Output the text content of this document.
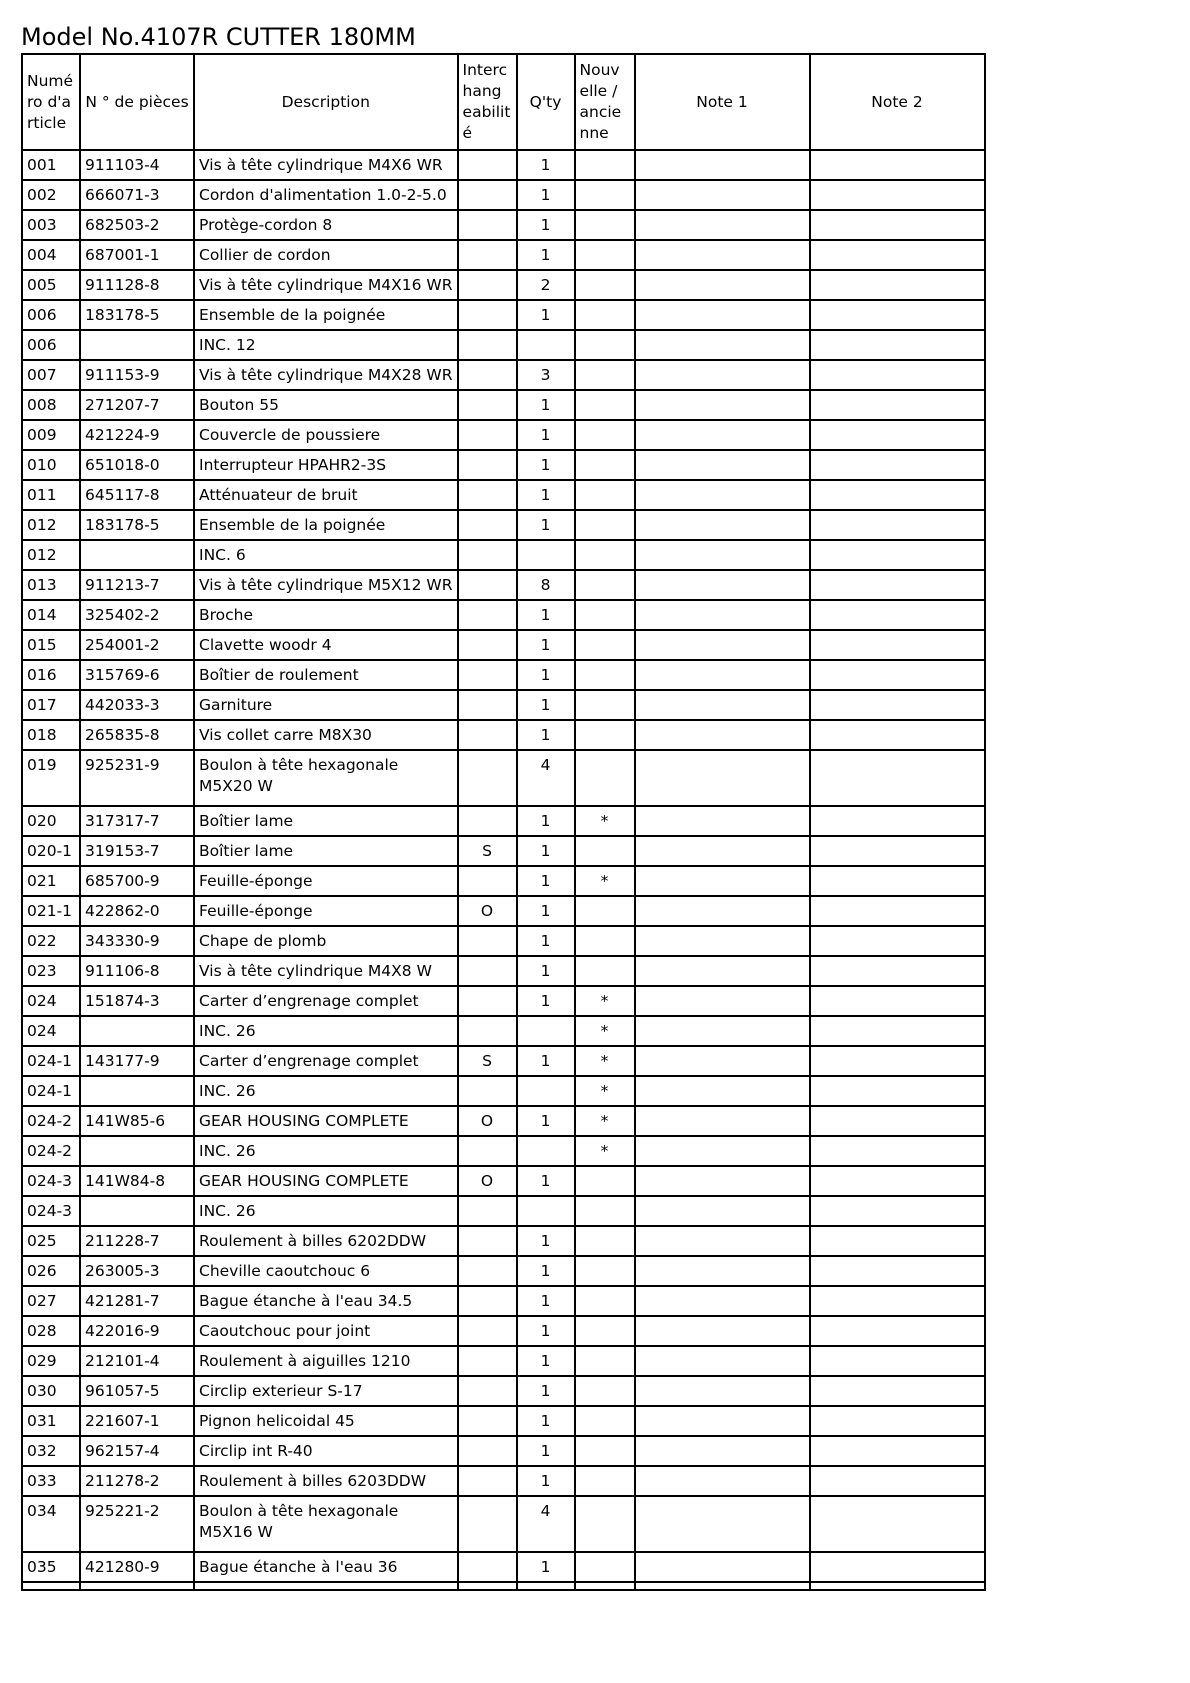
Model No.4107R CUTTER 180MM
Numé
ro d'a
rticle	N ° de pièces	Description	Interc
hang
eabilit
é	Q'ty	Nouv
elle /
ancie
nne	Note 1	Note 2
001	911103-4	Vis à tête cylindrique M4X6 WR		1			
002	666071-3	Cordon d'alimentation 1.0-2-5.0		1			
003	682503-2	Protège-cordon 8		1			
004	687001-1	Collier de cordon		1			
005	911128-8	Vis à tête cylindrique M4X16 WR		2			
006	183178-5	Ensemble de la poignée		1			
006		INC. 12					
007	911153-9	Vis à tête cylindrique M4X28 WR		3			
008	271207-7	Bouton 55		1			
009	421224-9	Couvercle de poussiere		1			
010	651018-0	Interrupteur HPAHR2-3S		1			
011	645117-8	Atténuateur de bruit		1			
012	183178-5	Ensemble de la poignée		1			
012		INC. 6					
013	911213-7	Vis à tête cylindrique M5X12 WR		8			
014	325402-2	Broche		1			
015	254001-2	Clavette woodr 4		1			
016	315769-6	Boîtier de roulement		1			
017	442033-3	Garniture		1			
018	265835-8	Vis collet carre M8X30		1			
019	925231-9	Boulon à tête hexagonale M5X20 W		4			
020	317317-7	Boîtier lame		1	*		
020-1	319153-7	Boîtier lame	S	1			
021	685700-9	Feuille-éponge		1	*		
021-1	422862-0	Feuille-éponge	O	1			
022	343330-9	Chape de plomb		1			
023	911106-8	Vis à tête cylindrique M4X8 W		1			
024	151874-3	Carter d’engrenage complet		1	*		
024		INC. 26			*		
024-1	143177-9	Carter d’engrenage complet	S	1	*		
024-1		INC. 26			*		
024-2	141W85-6	GEAR HOUSING COMPLETE	O	1	*		
024-2		INC. 26			*		
024-3	141W84-8	GEAR HOUSING COMPLETE	O	1			
024-3		INC. 26					
025	211228-7	Roulement à billes 6202DDW		1			
026	263005-3	Cheville caoutchouc 6		1			
027	421281-7	Bague étanche à l'eau 34.5		1			
028	422016-9	Caoutchouc pour joint		1			
029	212101-4	Roulement à aiguilles 1210		1			
030	961057-5	Circlip exterieur S-17		1			
031	221607-1	Pignon helicoidal 45		1			
032	962157-4	Circlip int R-40		1			
033	211278-2	Roulement à billes 6203DDW		1			
034	925221-2	Boulon à tête hexagonale M5X16 W		4			
035	421280-9	Bague étanche à l'eau 36		1			
